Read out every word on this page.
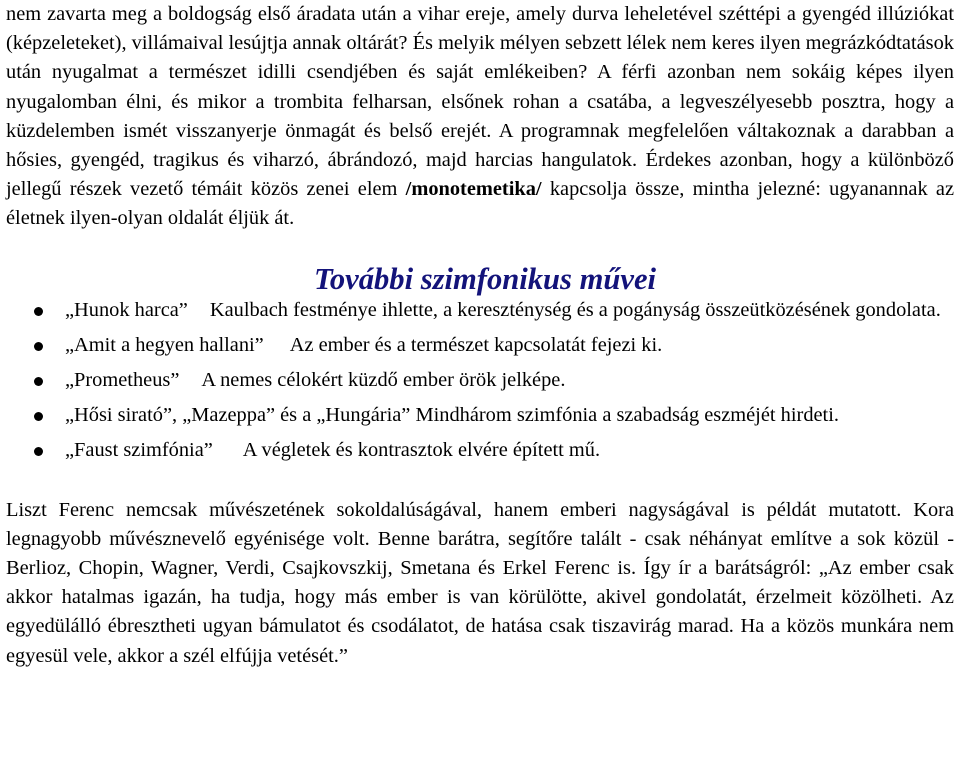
nem zavarta meg a boldogság első áradata után a vihar ereje, amely durva leheletével széttépi a gyengéd illúziókat (képzeleteket), villámaival lesújtja annak oltárát? És melyik mélyen sebzett lélek nem keres ilyen megrázkódtatások után nyugalmat a természet idilli csendjében és saját emlékeiben? A férfi azonban nem sokáig képes ilyen nyugalomban élni, és mikor a trombita felharsan, elsőnek rohan a csatába, a legveszélyesebb posztra, hogy a küzdelemben ismét visszanyerje önmagát és belső erejét. A programnak megfelelően váltakoznak a darabban a hősies, gyengéd, tragikus és viharzó, ábrándozó, majd harcias hangulatok. Érdekes azonban, hogy a különböző jellegű részek vezető témáit közös zenei elem /monotemetika/ kapcsolja össze, mintha jelezné: ugyanannak az életnek ilyen-olyan oldalát éljük át.

További szimfonikus művei
„Hunok harca” Kaulbach festménye ihlette, a kereszténység és a pogányság összeütközésének gondolata.
„Amit a hegyen hallani” Az ember és a természet kapcsolatát fejezi ki.
„Prometheus” A nemes célokért küzdő ember örök jelképe.
„Hősi sirató”, „Mazeppa” és a „Hungária” Mindhárom szimfónia a szabadság eszméjét hirdeti.
„Faust szimfónia” A végletek és kontrasztok elvére épített mű.

Liszt Ferenc nemcsak művészetének sokoldalúságával, hanem emberi nagyságával is példát mutatott. Kora legnagyobb művésznevelő egyénisége volt. Benne barátra, segítőre talált - csak néhányat említve a sok közül - Berlioz, Chopin, Wagner, Verdi, Csajkovszkij, Smetana és Erkel Ferenc is. Így ír a barátságról: „Az ember csak akkor hatalmas igazán, ha tudja, hogy más ember is van körülötte, akivel gondolatát, érzelmeit közölheti. Az egyedülálló ébresztheti ugyan bámulatot és csodálatot, de hatása csak tiszavirág marad. Ha a közös munkára nem egyesül vele, akkor a szél elfújja vetését.”
